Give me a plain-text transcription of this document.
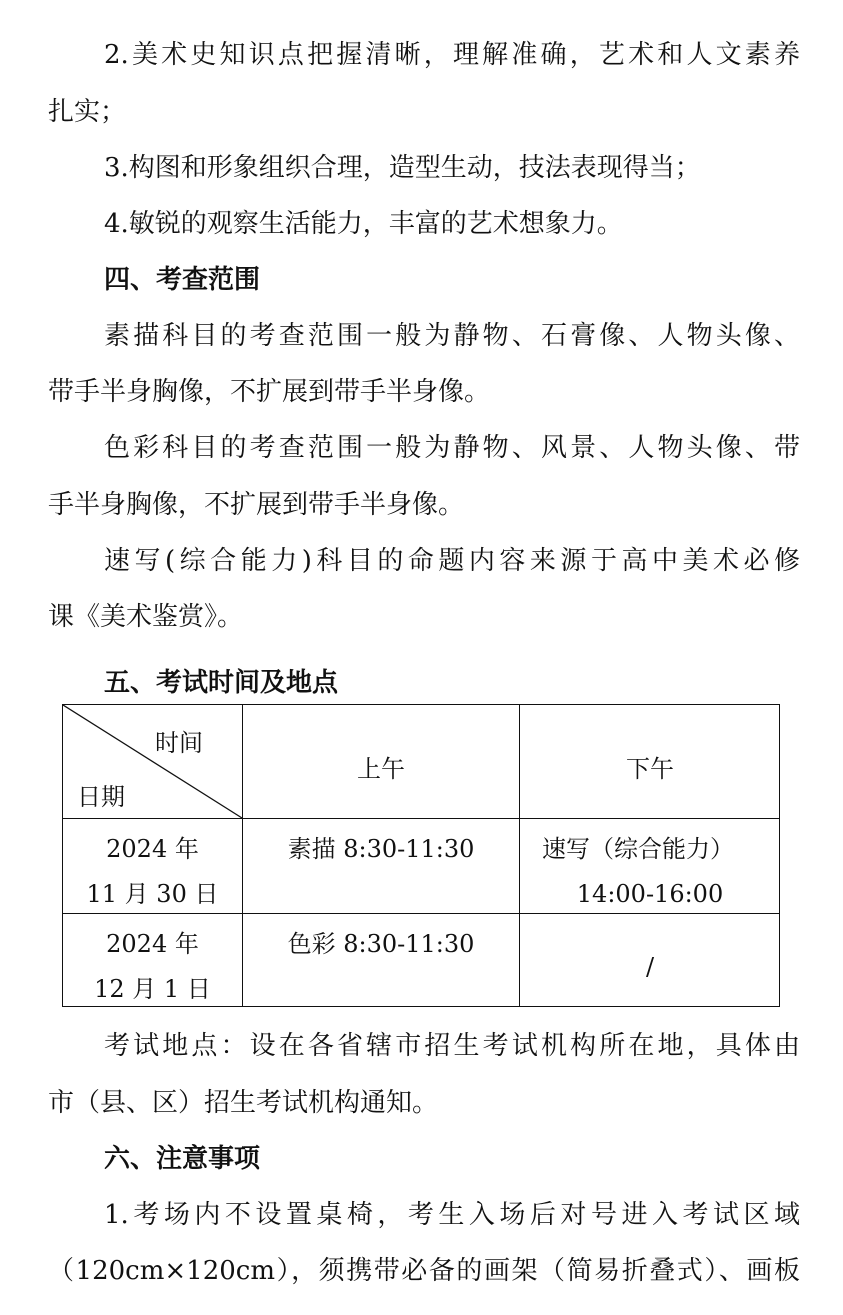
2.美术史知识点把握清晰，理解准确，艺术和人文素养
扎实；
3.构图和形象组织合理，造型生动，技法表现得当；
4.敏锐的观察生活能力，丰富的艺术想象力。
四、考查范围
素描科目的考查范围一般为静物、石膏像、人物头像、
带手半身胸像，不扩展到带手半身像。
色彩科目的考查范围一般为静物、风景、人物头像、带
手半身胸像，不扩展到带手半身像。
速写(综合能力)科目的命题内容来源于高中美术必修
课《美术鉴赏》。
五、考试时间及地点
时间
日期
上午	下午
2024 年
11 月 30 日
素描 8:30-11:30	速写（综合能力）
14:00-16:00
2024 年
12 月 1 日
色彩 8:30-11:30
/
考试地点：设在各省辖市招生考试机构所在地，具体由
市（县、区）招生考试机构通知。
六、注意事项
1.考场内不设置桌椅，考生入场后对号进入考试区域
（120cm×120cm），须携带必备的画架（简易折叠式）、画板
